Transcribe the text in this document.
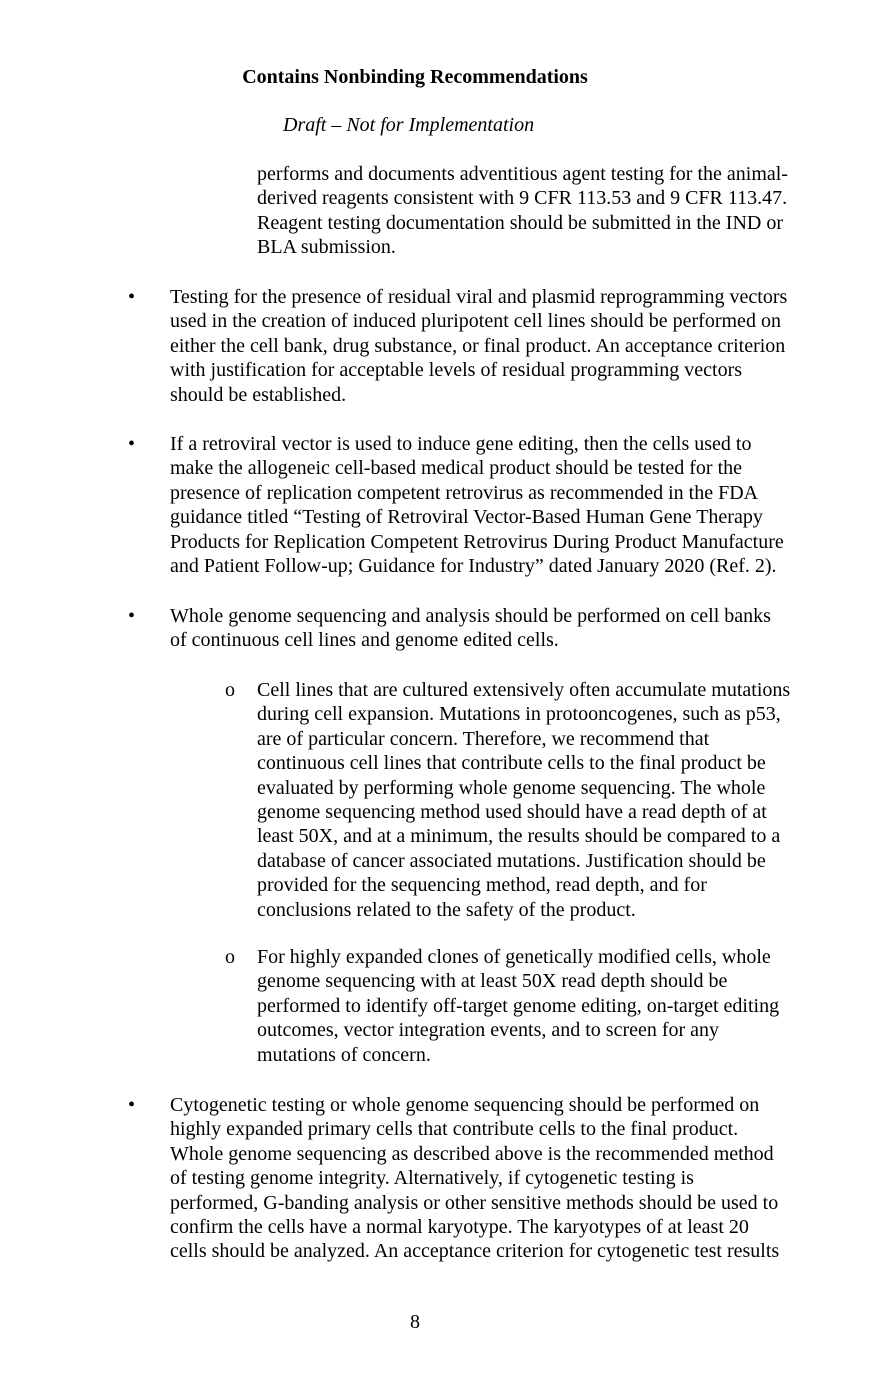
Contains Nonbinding Recommendations
Draft – Not for Implementation
performs and documents adventitious agent testing for the animal-
derived reagents consistent with 9 CFR 113.53 and 9 CFR 113.47.
Reagent testing documentation should be submitted in the IND or
BLA submission.
• Testing for the presence of residual viral and plasmid reprogramming vectors
used in the creation of induced pluripotent cell lines should be performed on
either the cell bank, drug substance, or final product. An acceptance criterion
with justification for acceptable levels of residual programming vectors
should be established.
• If a retroviral vector is used to induce gene editing, then the cells used to
make the allogeneic cell-based medical product should be tested for the
presence of replication competent retrovirus as recommended in the FDA
guidance titled “Testing of Retroviral Vector-Based Human Gene Therapy
Products for Replication Competent Retrovirus During Product Manufacture
and Patient Follow-up; Guidance for Industry” dated January 2020 (Ref. 2).
• Whole genome sequencing and analysis should be performed on cell banks
of continuous cell lines and genome edited cells.
o Cell lines that are cultured extensively often accumulate mutations
during cell expansion. Mutations in protooncogenes, such as p53,
are of particular concern. Therefore, we recommend that
continuous cell lines that contribute cells to the final product be
evaluated by performing whole genome sequencing. The whole
genome sequencing method used should have a read depth of at
least 50X, and at a minimum, the results should be compared to a
database of cancer associated mutations. Justification should be
provided for the sequencing method, read depth, and for
conclusions related to the safety of the product.
o For highly expanded clones of genetically modified cells, whole
genome sequencing with at least 50X read depth should be
performed to identify off-target genome editing, on-target editing
outcomes, vector integration events, and to screen for any
mutations of concern.
• Cytogenetic testing or whole genome sequencing should be performed on
highly expanded primary cells that contribute cells to the final product.
Whole genome sequencing as described above is the recommended method
of testing genome integrity. Alternatively, if cytogenetic testing is
performed, G-banding analysis or other sensitive methods should be used to
confirm the cells have a normal karyotype. The karyotypes of at least 20
cells should be analyzed. An acceptance criterion for cytogenetic test results
8
